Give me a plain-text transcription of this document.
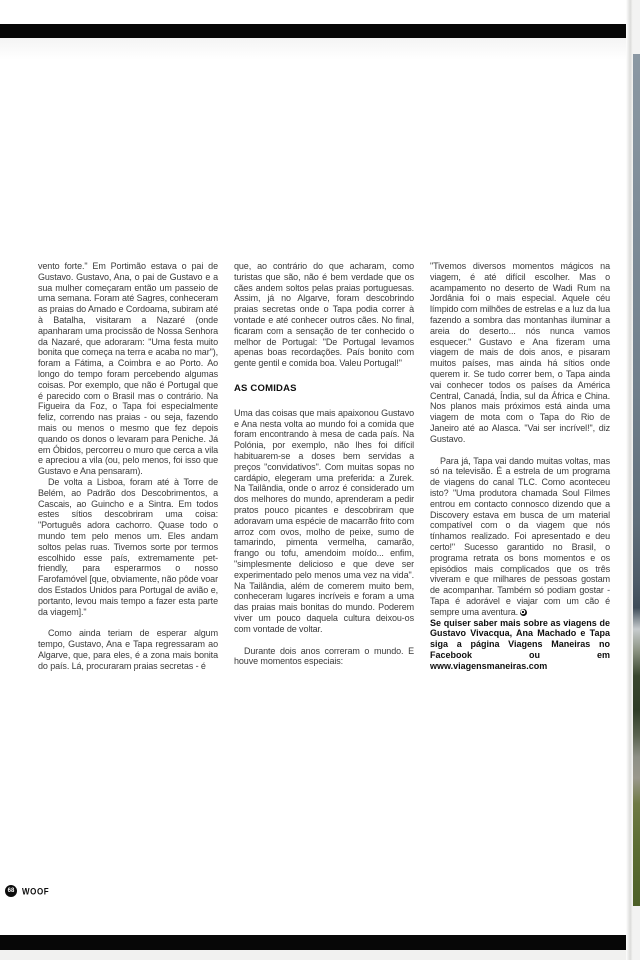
vento forte." Em Portimão estava o pai de Gustavo. Gustavo, Ana, o pai de Gustavo e a sua mulher começaram então um passeio de uma semana. Foram até Sagres, conheceram as praias do Amado e Cordoama, subiram até à Batalha, visitaram a Nazaré (onde apanharam uma procissão de Nossa Senhora da Nazaré, que adoraram: "Uma festa muito bonita que começa na terra e acaba no mar"), foram a Fátima, a Coimbra e ao Porto. Ao longo do tempo foram percebendo algumas coisas. Por exemplo, que não é Portugal que é parecido com o Brasil mas o contrário. Na Figueira da Foz, o Tapa foi especialmente feliz, correndo nas praias - ou seja, fazendo mais ou menos o mesmo que fez depois quando os donos o levaram para Peniche. Já em Óbidos, percorreu o muro que cerca a vila e apreciou a vila (ou, pelo menos, foi isso que Gustavo e Ana pensaram).

De volta a Lisboa, foram até à Torre de Belém, ao Padrão dos Descobrimentos, a Cascais, ao Guincho e a Sintra. Em todos estes sítios descobriram uma coisa: "Português adora cachorro. Quase todo o mundo tem pelo menos um. Eles andam soltos pelas ruas. Tivemos sorte por termos escolhido esse país, extremamente pet-friendly, para esperarmos o nosso Farofamóvel [que, obviamente, não pôde voar dos Estados Unidos para Portugal de avião e, portanto, levou mais tempo a fazer esta parte da viagem]."

Como ainda teriam de esperar algum tempo, Gustavo, Ana e Tapa regressaram ao Algarve, que, para eles, é a zona mais bonita do país. Lá, procuraram praias secretas - é

que, ao contrário do que acharam, como turistas que são, não é bem verdade que os cães andem soltos pelas praias portuguesas. Assim, já no Algarve, foram descobrindo praias secretas onde o Tapa podia correr à vontade e até conhecer outros cães. No final, ficaram com a sensação de ter conhecido o melhor de Portugal: "De Portugal levamos apenas boas recordações. País bonito com gente gentil e comida boa. Valeu Portugal!"

AS COMIDAS

Uma das coisas que mais apaixonou Gustavo e Ana nesta volta ao mundo foi a comida que foram encontrando à mesa de cada país. Na Polónia, por exemplo, não lhes foi difícil habituarem-se a doses bem servidas a preços "convidativos". Com muitas sopas no cardápio, elegeram uma preferida: a Zurek. Na Tailândia, onde o arroz é considerado um dos melhores do mundo, aprenderam a pedir pratos pouco picantes e descobriram que adoravam uma espécie de macarrão frito com arroz com ovos, molho de peixe, sumo de tamarindo, pimenta vermelha, camarão, frango ou tofu, amendoim moído... enfim, "simplesmente delicioso e que deve ser experimentado pelo menos uma vez na vida". Na Tailândia, além de comerem muito bem, conheceram lugares incríveis e foram a uma das praias mais bonitas do mundo. Poderem viver um pouco daquela cultura deixou-os com vontade de voltar.

Durante dois anos correram o mundo. E houve momentos especiais:

"Tivemos diversos momentos mágicos na viagem, é até difícil escolher. Mas o acampamento no deserto de Wadi Rum na Jordânia foi o mais especial. Aquele céu límpido com milhões de estrelas e a luz da lua fazendo a sombra das montanhas iluminar a areia do deserto... nós nunca vamos esquecer." Gustavo e Ana fizeram uma viagem de mais de dois anos, e pisaram muitos países, mas ainda há sítios onde querem ir. Se tudo correr bem, o Tapa ainda vai conhecer todos os países da América Central, Canadá, Índia, sul da África e China. Nos planos mais próximos está ainda uma viagem de mota com o Tapa do Rio de Janeiro até ao Alasca. "Vai ser incrível!", diz Gustavo.

Para já, Tapa vai dando muitas voltas, mas só na televisão. É a estrela de um programa de viagens do canal TLC. Como aconteceu isto? "Uma produtora chamada Soul Filmes entrou em contacto connosco dizendo que a Discovery estava em busca de um material compatível com o da viagem que nós tínhamos realizado. Foi apresentado e deu certo!" Sucesso garantido no Brasil, o programa retrata os bons momentos e os episódios mais complicados que os três viveram e que milhares de pessoas gostam de acompanhar. Também só podiam gostar - Tapa é adorável e viajar com um cão é sempre uma aventura.

Se quiser saber mais sobre as viagens de Gustavo Vivacqua, Ana Machado e Tapa siga a página Viagens Maneiras no Facebook ou em www.viagensmaneiras.com

68 WOOF
